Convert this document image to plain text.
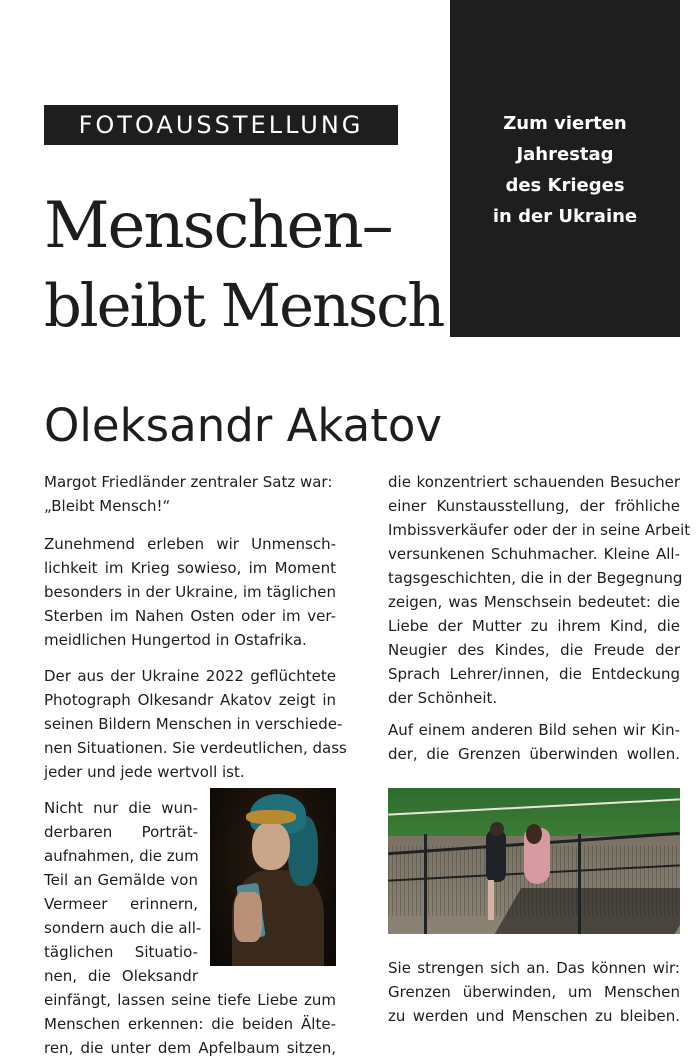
FOTOAUSSTELLUNG
Menschen–
bleibt Mensch
Zum vierten
Jahrestag
des Krieges
in der Ukraine
Oleksandr Akatov

Margot Friedländer zentraler Satz war:
„Bleibt Mensch!“

Zunehmend erleben wir Unmensch-
lichkeit im Krieg sowieso, im Moment
besonders in der Ukraine, im täglichen
Sterben im Nahen Osten oder im ver-
meidlichen Hungertod in Ostafrika.

Der aus der Ukraine 2022 geflüchtete
Photograph Olkesandr Akatov zeigt in
seinen Bildern Menschen in verschiede-
nen Situationen. Sie verdeutlichen, dass
jeder und jede wertvoll ist.

Nicht nur die wun-
derbaren Porträt-
aufnahmen, die zum
Teil an Gemälde von
Vermeer erinnern,
sondern auch die all-
täglichen Situatio-
nen, die Oleksandr

einfängt, lassen seine tiefe Liebe zum
Menschen erkennen: die beiden Älte-
ren, die unter dem Apfelbaum sitzen,

die konzentriert schauenden Besucher
einer Kunstausstellung, der fröhliche
Imbissverkäufer oder der in seine Arbeit
versunkenen Schuhmacher. Kleine All-
tagsgeschichten, die in der Begegnung
zeigen, was Menschsein bedeutet: die
Liebe der Mutter zu ihrem Kind, die
Neugier des Kindes, die Freude der
Sprach Lehrer/innen, die Entdeckung
der Schönheit.

Auf einem anderen Bild sehen wir Kin-
der, die Grenzen überwinden wollen.

Sie strengen sich an. Das können wir:
Grenzen überwinden, um Menschen
zu werden und Menschen zu bleiben.
